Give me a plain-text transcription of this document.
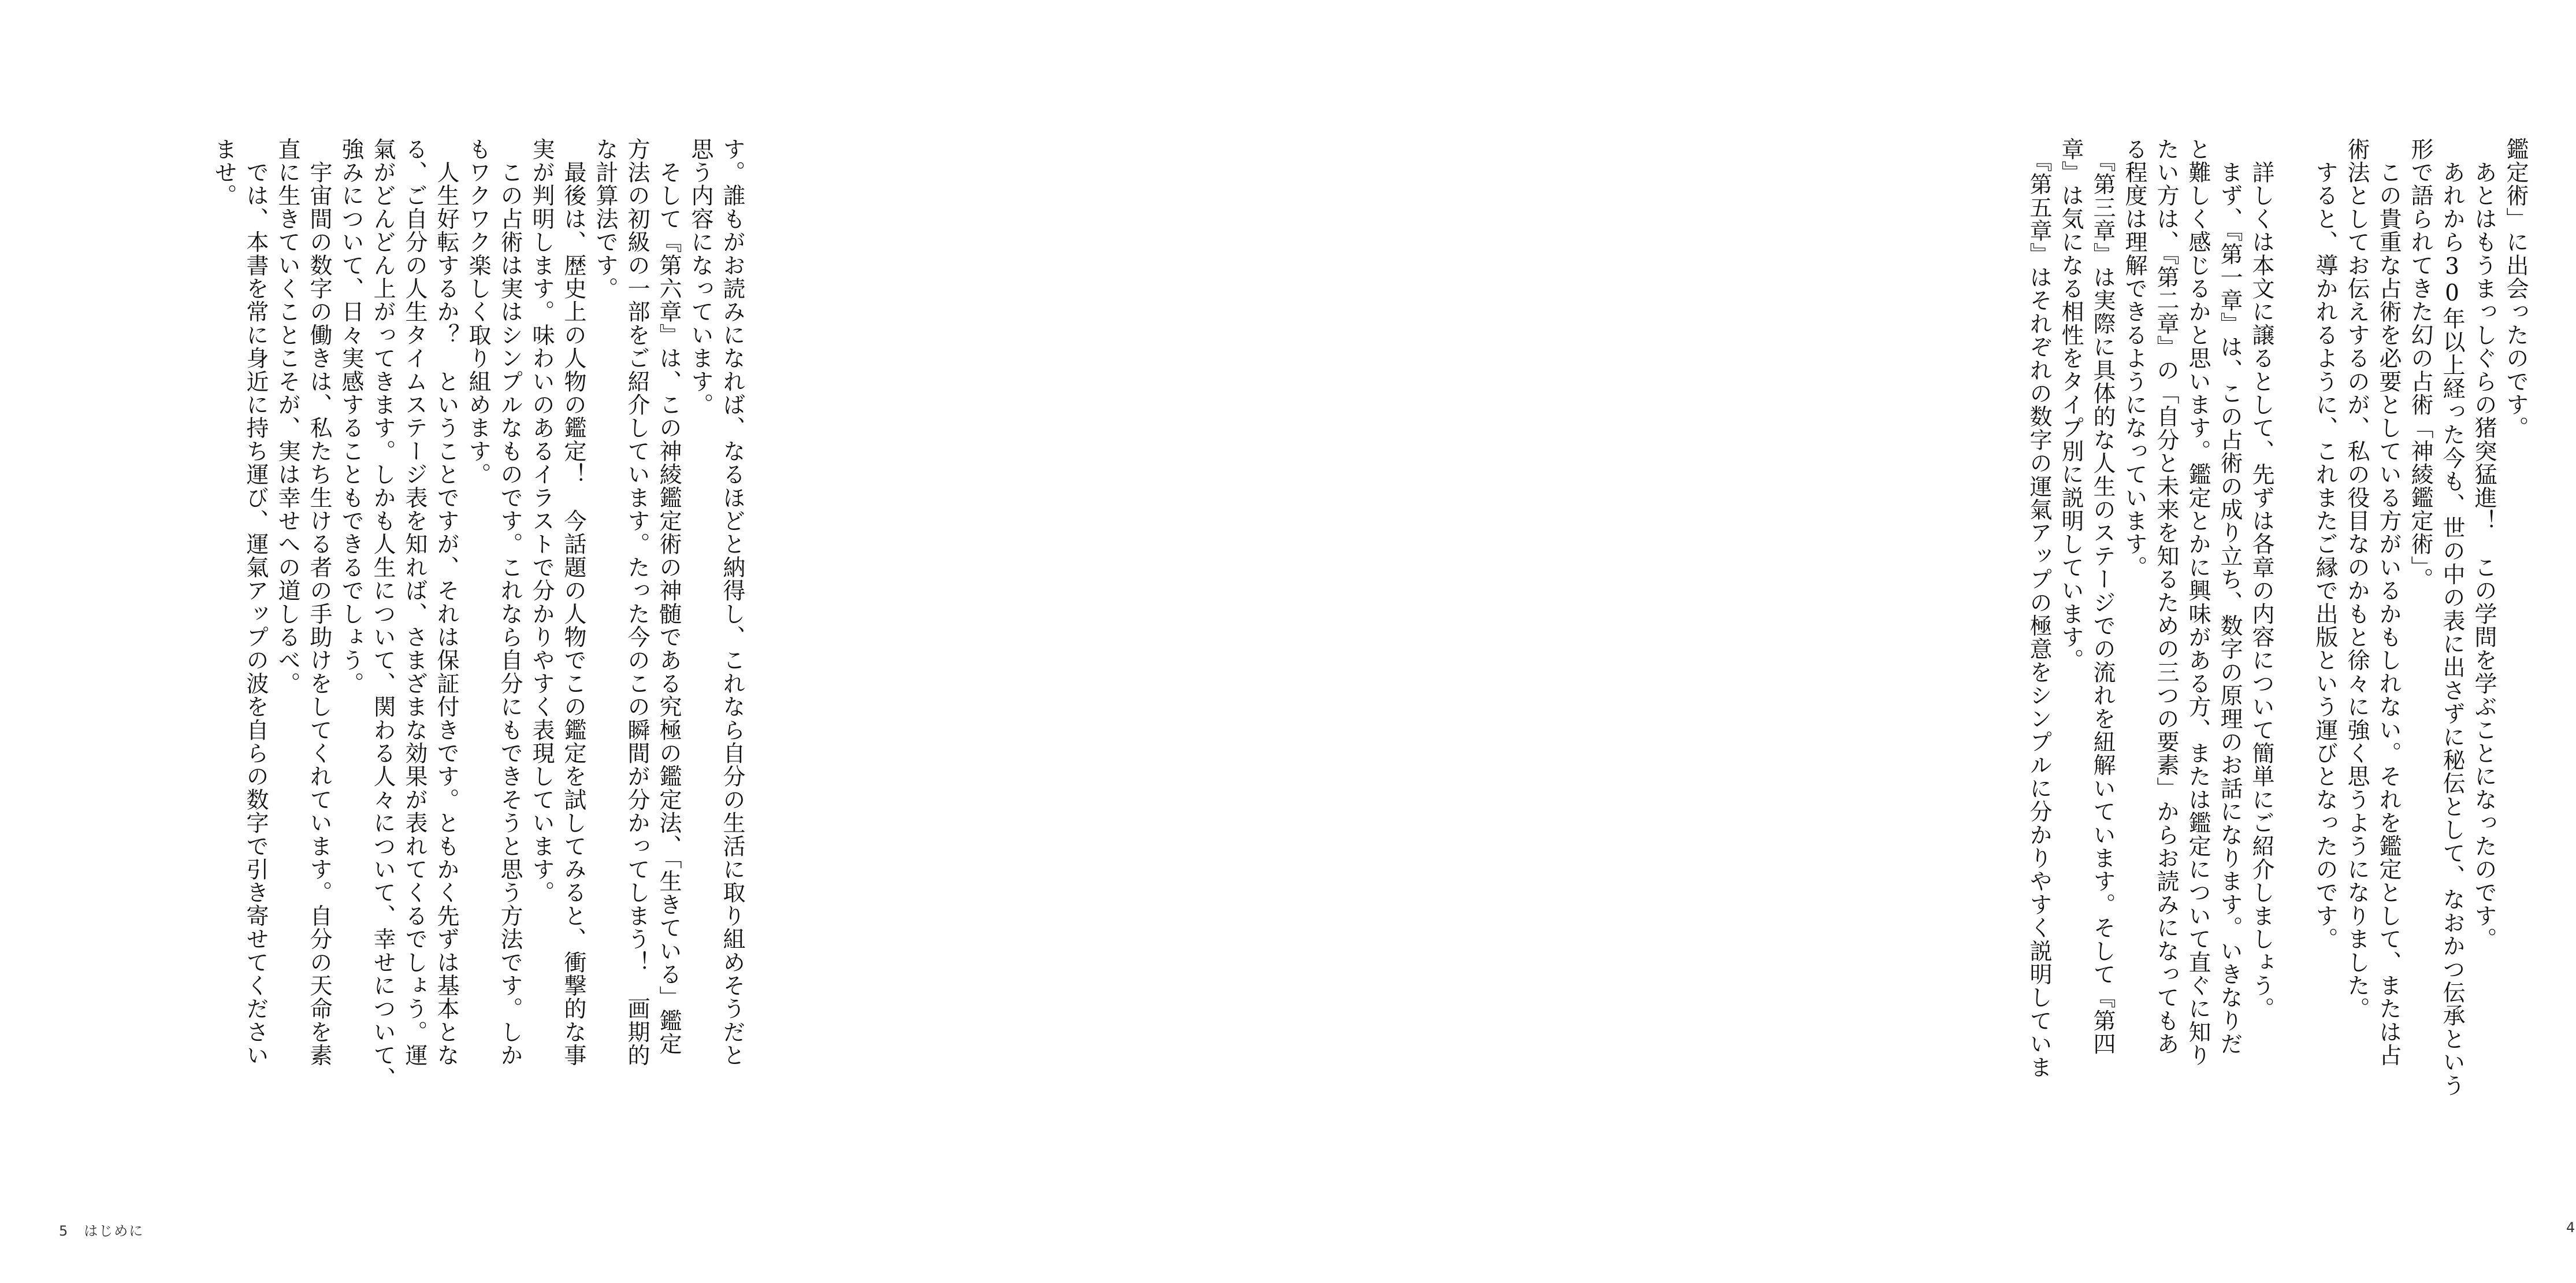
す。誰もがお読みになれば、なるほどと納得し、これなら自分の生活に取り組めそうだと
思う内容になっています。
　そして『第六章』は、この神綾鑑定術の神髄である究極の鑑定法、「生きている」鑑定
方法の初級の一部をご紹介しています。たった今のこの瞬間が分かってしまう！　画期的
な計算法です。
　最後は、歴史上の人物の鑑定！　今話題の人物でこの鑑定を試してみると、衝撃的な事
実が判明します。味わいのあるイラストで分かりやすく表現しています。
　この占術は実はシンプルなものです。これなら自分にもできそうと思う方法です。しか
もワクワク楽しく取り組めます。
　人生好転するか？　ということですが、それは保証付きです。ともかく先ずは基本とな
る、ご自分の人生タイムステージ表を知れば、さまざまな効果が表れてくるでしょう。運
氣がどんどん上がってきます。しかも人生について、関わる人々について、幸せについて、
強みについて、日々実感することもできるでしょう。
　宇宙間の数字の働きは、私たち生ける者の手助けをしてくれています。自分の天命を素
直に生きていくことこそが、実は幸せへの道しるべ。
　では、本書を常に身近に持ち運び、運氣アップの波を自らの数字で引き寄せてください
ませ。
5 はじめに
鑑定術」に出会ったのです。
　あとはもうまっしぐらの猪突猛進！　この学問を学ぶことになったのです。
　あれから30年以上経った今も、世の中の表に出さずに秘伝として、なおかつ伝承という
形で語られてきた幻の占術「神綾鑑定術」。
　この貴重な占術を必要としている方がいるかもしれない。それを鑑定として、または占
術法としてお伝えするのが、私の役目なのかもと徐々に強く思うようになりました。
　すると、導かれるように、これまたご縁で出版という運びとなったのです。

　詳しくは本文に譲るとして、先ずは各章の内容について簡単にご紹介しましょう。
　まず、『第一章』は、この占術の成り立ち、数字の原理のお話になります。いきなりだ
と難しく感じるかと思います。鑑定とかに興味がある方、または鑑定について直ぐに知り
たい方は、『第二章』の「自分と未来を知るための三つの要素」からお読みになってもあ
る程度は理解できるようになっています。
　『第三章』は実際に具体的な人生のステージでの流れを紐解いています。そして『第四
章』は気になる相性をタイプ別に説明しています。
　『第五章』はそれぞれの数字の運氣アップの極意をシンプルに分かりやすく説明していま
4
